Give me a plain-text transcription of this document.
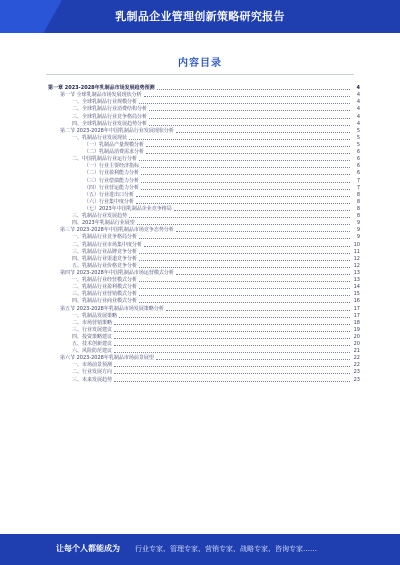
乳制品企业管理创新策略研究报告
内容目录
第一章 2023-2028年乳制品市场发展趋势预测	4
第一节 全球乳制品市场发展现状分析	4
一、全球乳制品行业规模分析	4
二、全球乳制品行业消费结构分析	4
三、全球乳制品行业竞争格局分析	4
四、全球乳制品行业发展趋势分析	4
第二节 2023-2028年中国乳制品行业发展现状分析	5
一、乳制品行业发展现状	5
（一）乳制品产量规模分析	5
（二）乳制品消费需求分析	6
二、中国乳制品行业运行分析	6
（一）行业主要经济指标	6
（二）行业盈利能力分析	6
（三）行业偿债能力分析	7
（四）行业营运能力分析	7
（五）行业进出口分析	8
（六）行业集中度分析	8
（七）2023年中国乳制品企业竞争格局	8
三、乳制品行业发展趋势	8
四、2023年乳制品行业展望	9
第三节 2023-2028年中国乳制品市场竞争态势分析	9
一、乳制品行业竞争格局分析	9
二、乳制品行业市场集中度分析	10
三、乳制品行业品牌竞争分析	11
四、乳制品行业渠道竞争分析	12
五、乳制品行业价格竞争分析	12
第四节 2023-2028年中国乳制品市场运营模式分析	13
一、乳制品行业经营模式分析	13
二、乳制品行业盈利模式分析	14
三、乳制品行业营销模式分析	15
四、乳制品行业商业模式分析	16
第五节 2023-2028年乳制品市场发展策略分析	17
一、乳制品发展策略	17
二、市场营销策略	18
三、行业发展建议	19
四、投资策略建议	20
五、技术创新建议	20
六、风险防范建议	21
第六节 2023-2028年乳制品市场前景展望	22
一、市场前景预测	22
二、行业发展方向	23
三、未来发展趋势	23
让每个人都能成为 行业专家、管理专家、营销专家、战略专家、咨询专家……
